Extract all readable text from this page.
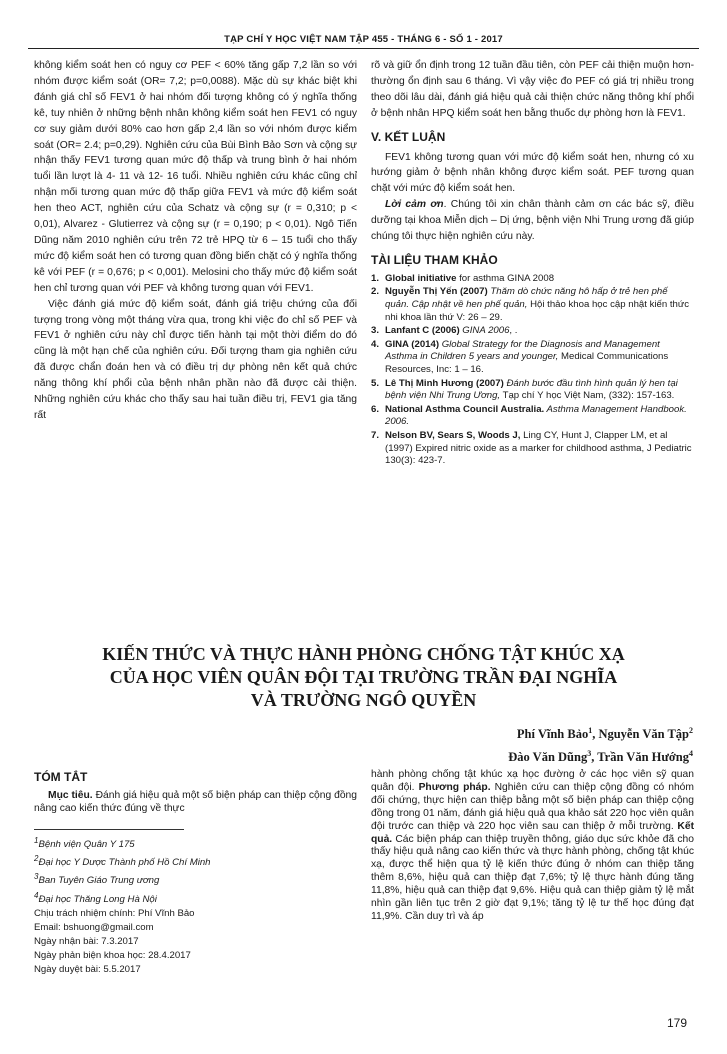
TẠP CHÍ Y HỌC VIỆT NAM TẬP 455 - THÁNG 6 - SỐ 1 - 2017

không kiểm soát hen có nguy cơ PEF < 60% tăng gấp 7,2 lần so với nhóm được kiểm soát (OR= 7,2; p=0,0088). Mặc dù sự khác biệt khi đánh giá chỉ số FEV1 ở hai nhóm đối tượng không có ý nghĩa thống kê, tuy nhiên ở những bệnh nhân không kiểm soát hen FEV1 có nguy cơ suy giảm dưới 80% cao hơn gấp 2,4 lần so với nhóm được kiểm soát (OR= 2.4; p=0,29). Nghiên cứu của Bùi Bình Bảo Sơn và cộng sự nhận thấy FEV1 tương quan mức độ thấp và trung bình ở hai nhóm tuổi lần lượt là 4- 11 và 12- 16 tuổi. Nhiều nghiên cứu khác cũng chỉ nhận mối tương quan mức độ thấp giữa FEV1 và mức độ kiểm soát hen theo ACT, nghiên cứu của Schatz và cộng sự (r = 0,310; p < 0,01), Alvarez - Glutierrez và cộng sự (r = 0,190; p < 0,01). Ngô Tiến Dũng năm 2010 nghiên cứu trên 72 trẻ HPQ từ 6 – 15 tuổi cho thấy mức độ kiểm soát hen có tương quan đồng biến chặt có ý nghĩa thống kê với PEF (r = 0,676; p < 0,001). Melosini cho thấy mức độ kiểm soát hen chỉ tương quan với PEF và không tương quan với FEV1.

Việc đánh giá mức độ kiểm soát, đánh giá triệu chứng của đối tượng trong vòng một tháng vừa qua, trong khi việc đo chỉ số PEF và FEV1 ở nghiên cứu này chỉ được tiến hành tại một thời điểm do đó cũng là một hạn chế của nghiên cứu. Đối tượng tham gia nghiên cứu đã được chẩn đoán hen và có điều trị dự phòng nên kết quả chức năng thông khí phổi của bệnh nhân phần nào đã được cải thiện. Những nghiên cứu khác cho thấy sau hai tuần điều trị, FEV1 gia tăng rất

rõ và giữ ổn định trong 12 tuần đầu tiên, còn PEF cải thiện muộn hơn- thường ổn định sau 6 tháng. Vì vậy việc đo PEF có giá trị nhiều trong theo dõi lâu dài, đánh giá hiệu quả cải thiện chức năng thông khí phổi ở bệnh nhân HPQ kiểm soát hen bằng thuốc dự phòng hơn là FEV1.

V. KẾT LUẬN

FEV1 không tương quan với mức độ kiểm soát hen, nhưng có xu hướng giảm ở bệnh nhân không được kiểm soát. PEF tương quan chặt với mức độ kiểm soát hen.

Lời cảm ơn. Chúng tôi xin chân thành cảm ơn các bác sỹ, điều dưỡng tại khoa Miễn dịch – Dị ứng, bệnh viện Nhi Trung ương đã giúp chúng tôi thực hiện nghiên cứu này.

TÀI LIỆU THAM KHẢO
1. Global initiative for asthma GINA 2008
2. Nguyễn Thị Yến (2007) Thăm dò chức năng hô hấp ở trẻ hen phế quản. Cập nhật về hen phế quản, Hội thảo khoa học cập nhật kiến thức nhi khoa lần thứ V: 26 – 29.
3. Lanfant C (2006) GINA 2006, .
4. GINA (2014) Global Strategy for the Diagnosis and Management Asthma in Children 5 years and younger, Medical Communications Resources, Inc: 1 – 16.
5. Lê Thị Minh Hương (2007) Đánh bước đầu tình hình quản lý hen tại bệnh viện Nhi Trung Ương, Tạp chí Y học Việt Nam, (332): 157-163.
6. National Asthma Council Australia. Asthma Management Handbook. 2006.
7. Nelson BV, Sears S, Woods J, Ling CY, Hunt J, Clapper LM, et al (1997) Expired nitric oxide as a marker for childhood asthma, J Pediatric 130(3): 423-7.
KIẾN THỨC VÀ THỰC HÀNH PHÒNG CHỐNG TẬT KHÚC XẠ
CỦA HỌC VIÊN QUÂN ĐỘI TẠI TRƯỜNG TRẦN ĐẠI NGHĨA
VÀ TRƯỜNG NGÔ QUYỀN
Phí Vĩnh Bảo$^1$, Nguyễn Văn Tập$^2$
Đào Văn Dũng$^3$, Trần Văn Hướng$^4$
TÓM TẮT

Mục tiêu. Đánh giá hiệu quả một số biện pháp can thiệp cộng đồng nâng cao kiến thức đúng về thực

$^1$Bệnh viện Quân Y 175
$^2$Đại học Y Dược Thành phố Hồ Chí Minh
$^3$Ban Tuyên Giáo Trung ương
$^4$Đại học Thăng Long Hà Nội
Chịu trách nhiệm chính: Phí Vĩnh Bảo
Email: bshuong@gmail.com
Ngày nhận bài: 7.3.2017
Ngày phản biện khoa học: 28.4.2017
Ngày duyệt bài: 5.5.2017
hành phòng chống tật khúc xạ học đường ở các học viên sỹ quan quân đội. Phương pháp. Nghiên cứu can thiệp cộng đồng có nhóm đối chứng, thực hiện can thiệp bằng một số biện pháp can thiệp cộng đồng trong 01 năm, đánh giá hiệu quả qua khảo sát 220 học viên quân đội trước can thiệp và 220 học viên sau can thiệp ở mỗi trường. Kết quả. Các biện pháp can thiệp truyền thông, giáo dục sức khỏe đã cho thấy hiệu quả nâng cao kiến thức và thực hành phòng, chống tật khúc xạ, được thể hiện qua tỷ lệ kiến thức đúng ở nhóm can thiệp tăng thêm 8,6%, hiệu quả can thiệp đạt 7,6%; tỷ lệ thực hành đúng tăng 11,8%, hiệu quả can thiệp đạt 9,6%. Hiệu quả can thiệp giảm tỷ lệ mắt nhìn gần liên tục trên 2 giờ đạt 9,1%; tăng tỷ lệ tư thế học đúng đạt 11,9%. Cần duy trì và áp
179
